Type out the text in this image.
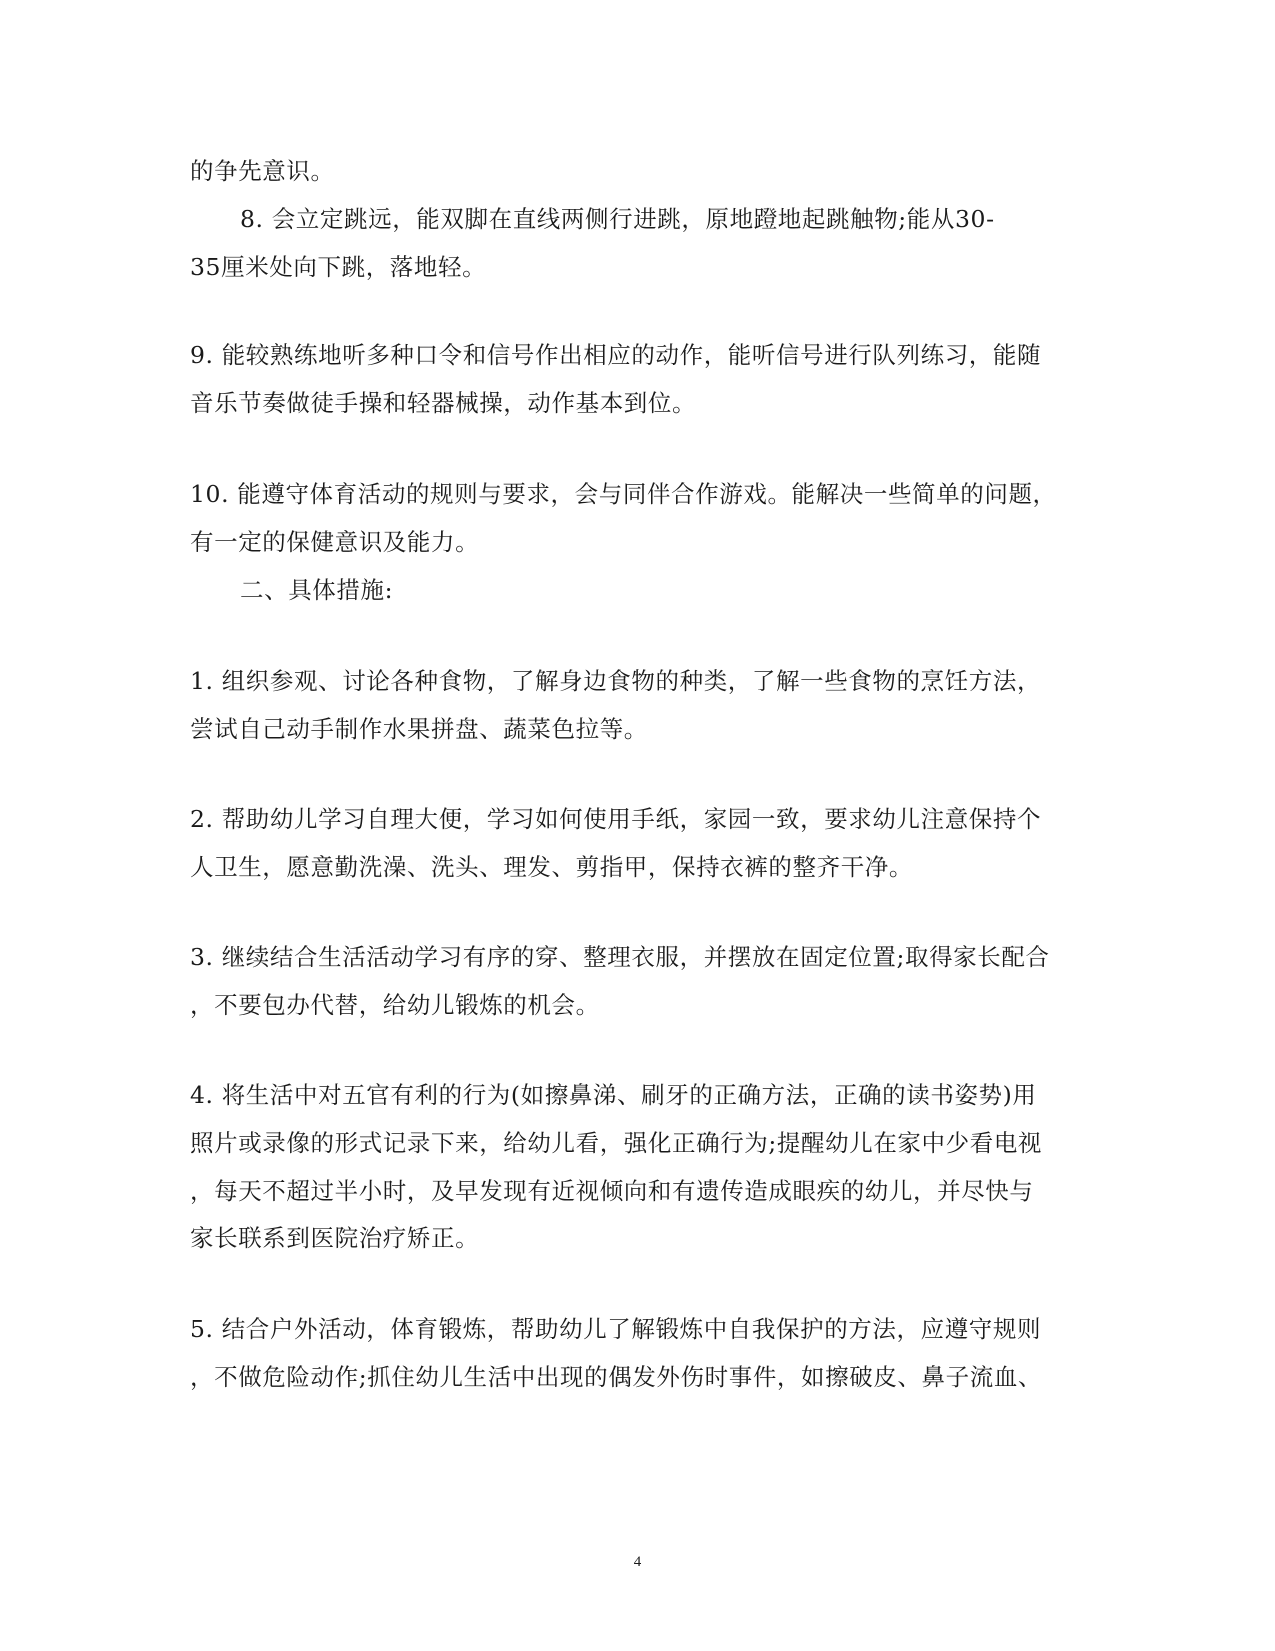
的争先意识。
8. 会立定跳远，能双脚在直线两侧行进跳，原地蹬地起跳触物;能从30-
35厘米处向下跳，落地轻。
9. 能较熟练地听多种口令和信号作出相应的动作，能听信号进行队列练习，能随
音乐节奏做徒手操和轻器械操，动作基本到位。
10. 能遵守体育活动的规则与要求，会与同伴合作游戏。能解决一些简单的问题，
有一定的保健意识及能力。
二、具体措施:
1. 组织参观、讨论各种食物，了解身边食物的种类，了解一些食物的烹饪方法，
尝试自己动手制作水果拼盘、蔬菜色拉等。
2. 帮助幼儿学习自理大便，学习如何使用手纸，家园一致，要求幼儿注意保持个
人卫生，愿意勤洗澡、洗头、理发、剪指甲，保持衣裤的整齐干净。
3. 继续结合生活活动学习有序的穿、整理衣服，并摆放在固定位置;取得家长配合
，不要包办代替，给幼儿锻炼的机会。
4. 将生活中对五官有利的行为(如擦鼻涕、刷牙的正确方法，正确的读书姿势)用
照片或录像的形式记录下来，给幼儿看，强化正确行为;提醒幼儿在家中少看电视
，每天不超过半小时，及早发现有近视倾向和有遗传造成眼疾的幼儿，并尽快与
家长联系到医院治疗矫正。
5. 结合户外活动，体育锻炼，帮助幼儿了解锻炼中自我保护的方法，应遵守规则
，不做危险动作;抓住幼儿生活中出现的偶发外伤时事件，如擦破皮、鼻子流血、
4
